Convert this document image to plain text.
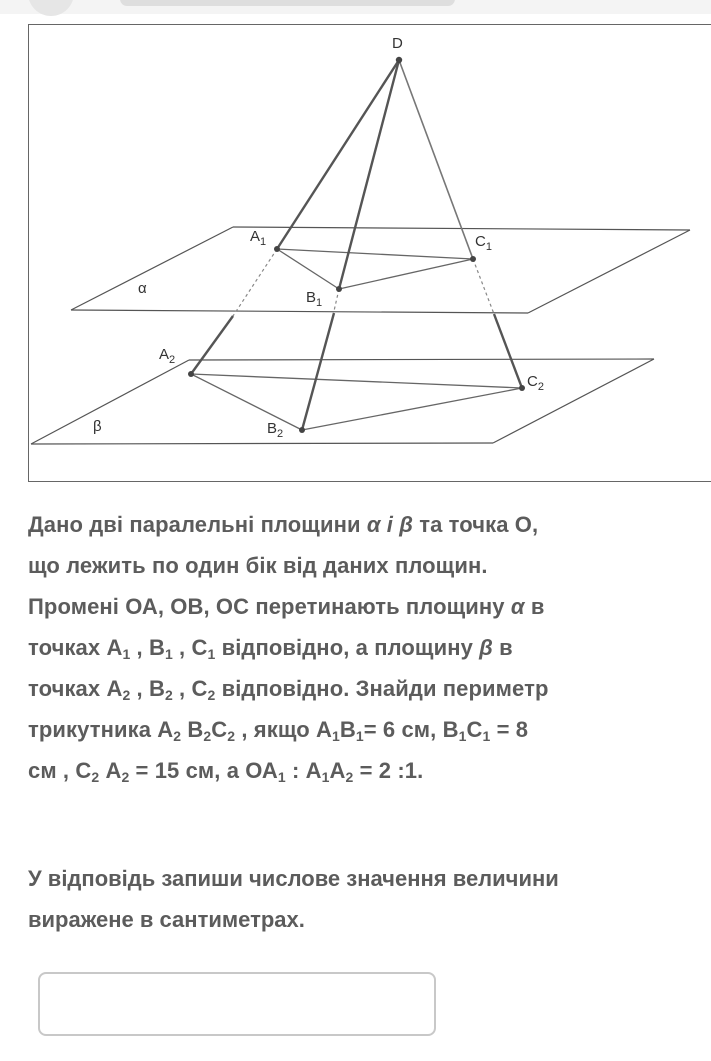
D
$A_1$
$B_1$
$C_1$
$A_2$
$B_2$
$C_2$
α
β
Дано дві паралельні площини α і β та точка О,
що лежить по один бік від даних площин.
Промені ОА, ОВ, ОС перетинають площину α в
точках $А_1$ , $В_1$ , $С_1$ відповідно, а площину β в
точках $А_2$ , $В_2$ , $С_2$ відповідно. Знайди периметр
трикутника $А_2$ $В_2С_2$ , якщо $А_1В_1= 6$ см, $В_1С_1 = 8$
см , $С_2$ $А_2 = 15$ см, а $ОА_1$ : $А_1А_2 = 2$ :1.
У відповідь запиши числове значення величини
виражене в сантиметрах.
